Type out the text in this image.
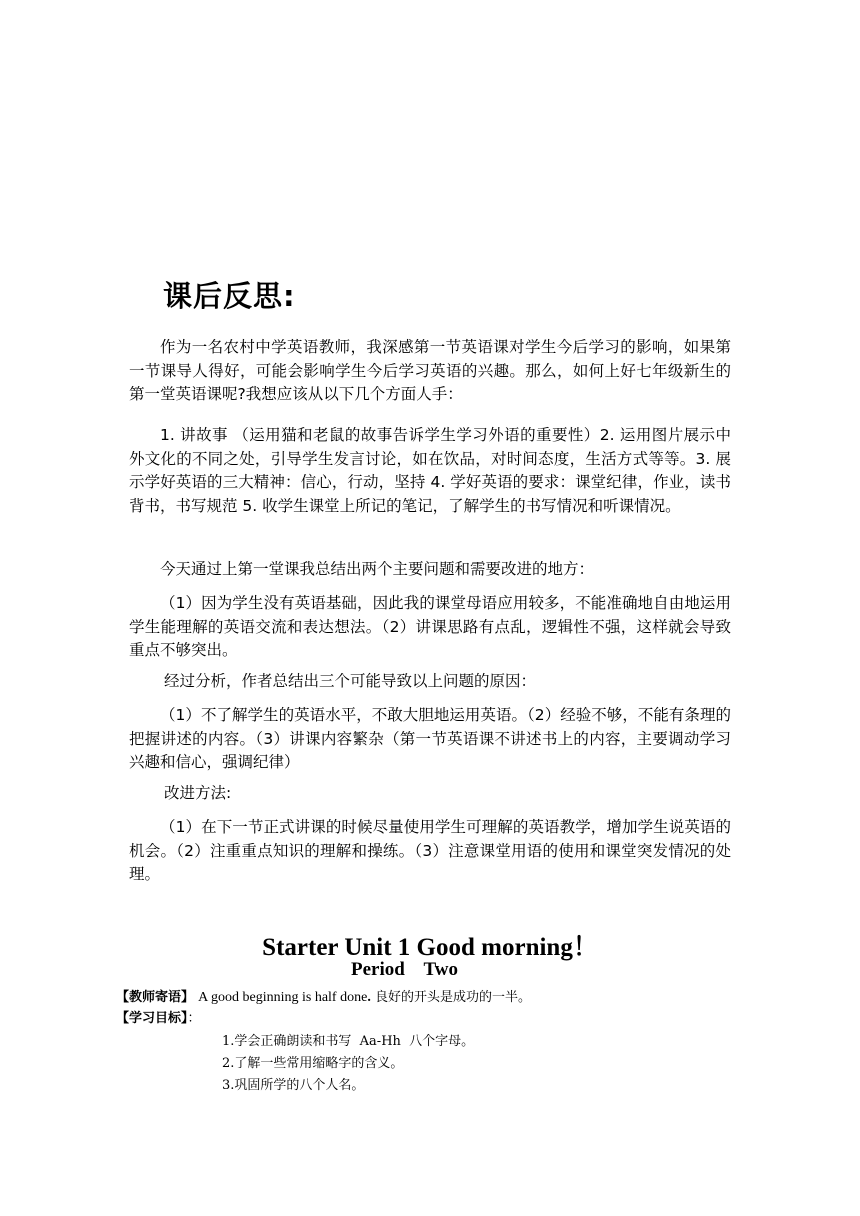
课后反思:
作为一名农村中学英语教师，我深感第一节英语课对学生今后学习的影响，如果第一节课导人得好，可能会影响学生今后学习英语的兴趣。那么，如何上好七年级新生的第一堂英语课呢?我想应该从以下几个方面人手：
1. 讲故事 （运用猫和老鼠的故事告诉学生学习外语的重要性）2. 运用图片展示中外文化的不同之处，引导学生发言讨论，如在饮品，对时间态度，生活方式等等。3. 展示学好英语的三大精神：信心，行动，坚持 4. 学好英语的要求：课堂纪律，作业，读书背书，书写规范 5. 收学生课堂上所记的笔记，了解学生的书写情况和听课情况。
今天通过上第一堂课我总结出两个主要问题和需要改进的地方：
（1）因为学生没有英语基础，因此我的课堂母语应用较多，不能准确地自由地运用学生能理解的英语交流和表达想法。（2）讲课思路有点乱，逻辑性不强，这样就会导致重点不够突出。
经过分析，作者总结出三个可能导致以上问题的原因：
（1）不了解学生的英语水平，不敢大胆地运用英语。（2）经验不够，不能有条理的把握讲述的内容。（3）讲课内容繁杂（第一节英语课不讲述书上的内容，主要调动学习兴趣和信心，强调纪律）
改进方法:
（1）在下一节正式讲课的时候尽量使用学生可理解的英语教学，增加学生说英语的机会。（2）注重重点知识的理解和操练。（3）注意课堂用语的使用和课堂突发情况的处理。
Starter Unit 1 Good morning！
Period    Two
【教师寄语】 A good beginning is half done. 良好的开头是成功的一半。
【学习目标】：
1.学会正确朗读和书写  Aa-Hh  八个字母。
2.了解一些常用缩略字的含义。
3.巩固所学的八个人名。
